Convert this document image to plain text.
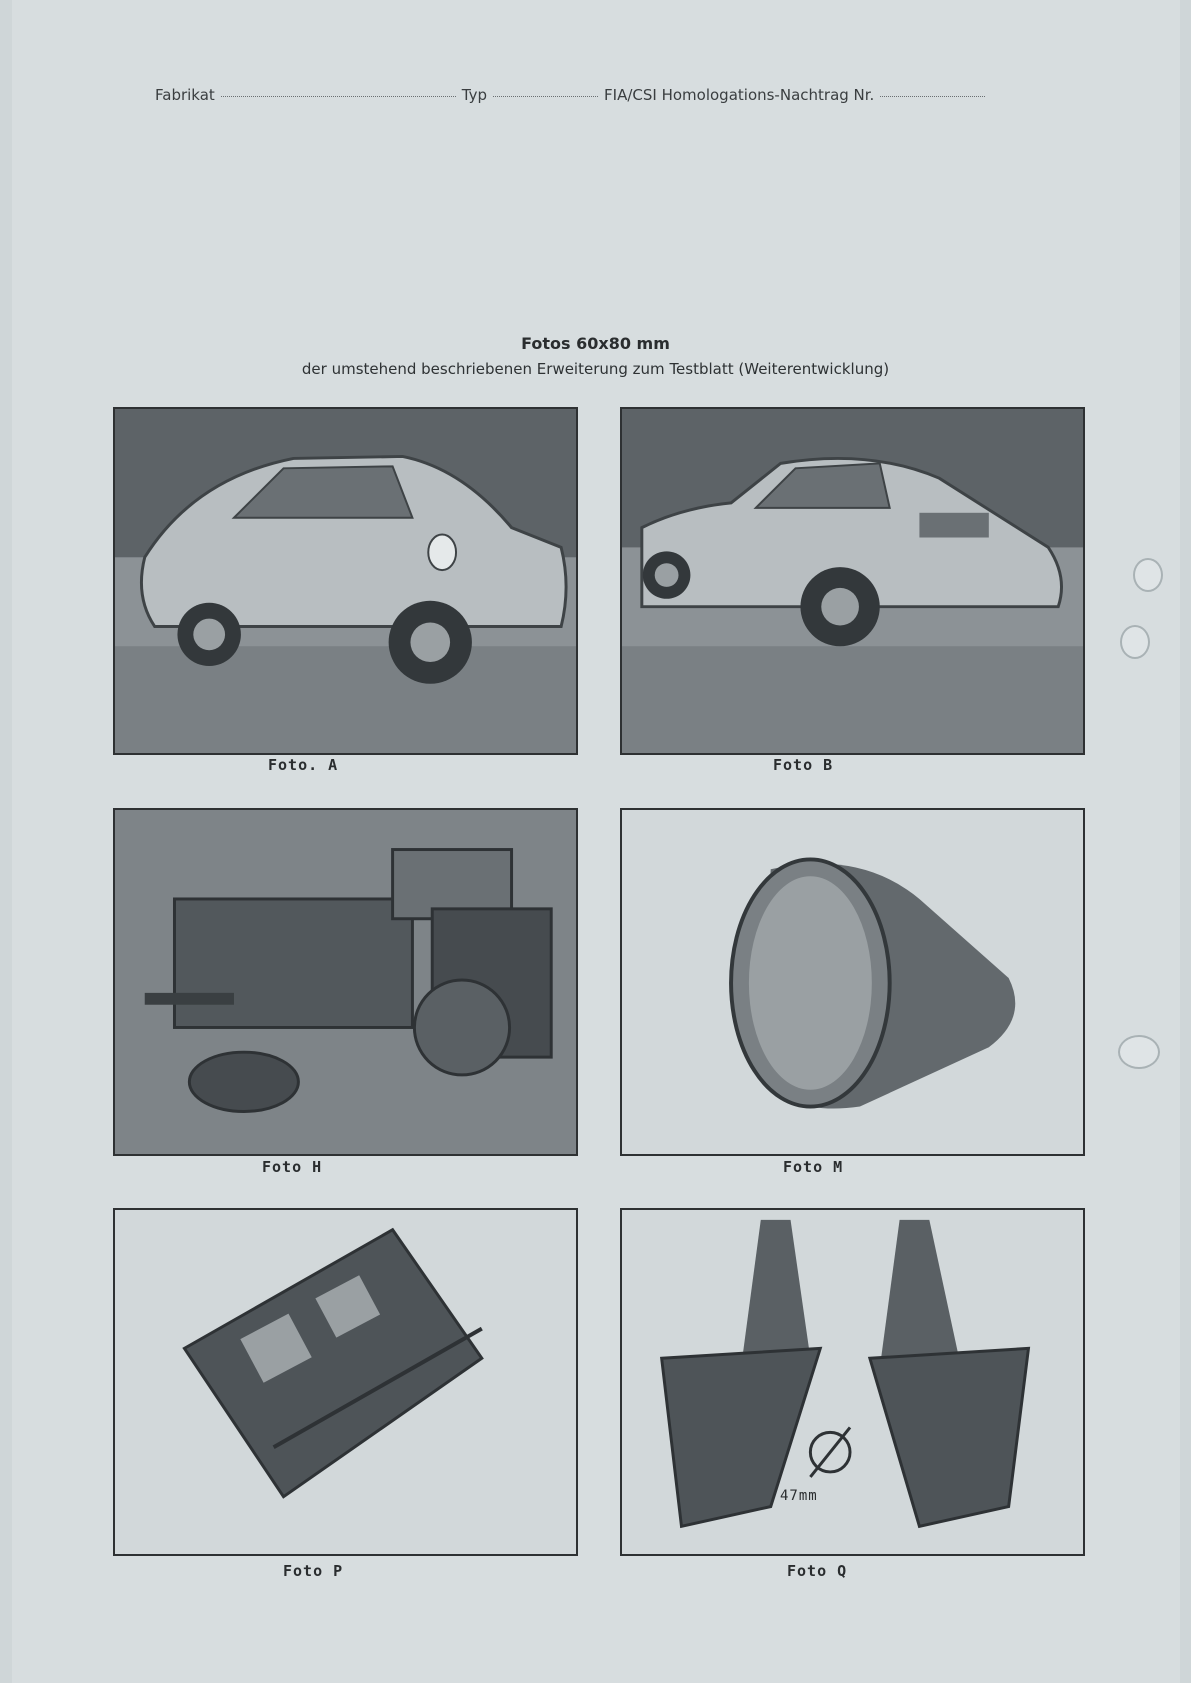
Fabrikat	Typ	FIA/CSI Homologations-Nachtrag Nr.
Fotos 60x80 mm
der umstehend beschriebenen Erweiterung zum Testblatt (Weiterentwicklung)
Foto. A	Foto B
Foto H	Foto M
Foto P
47mm
Foto Q
